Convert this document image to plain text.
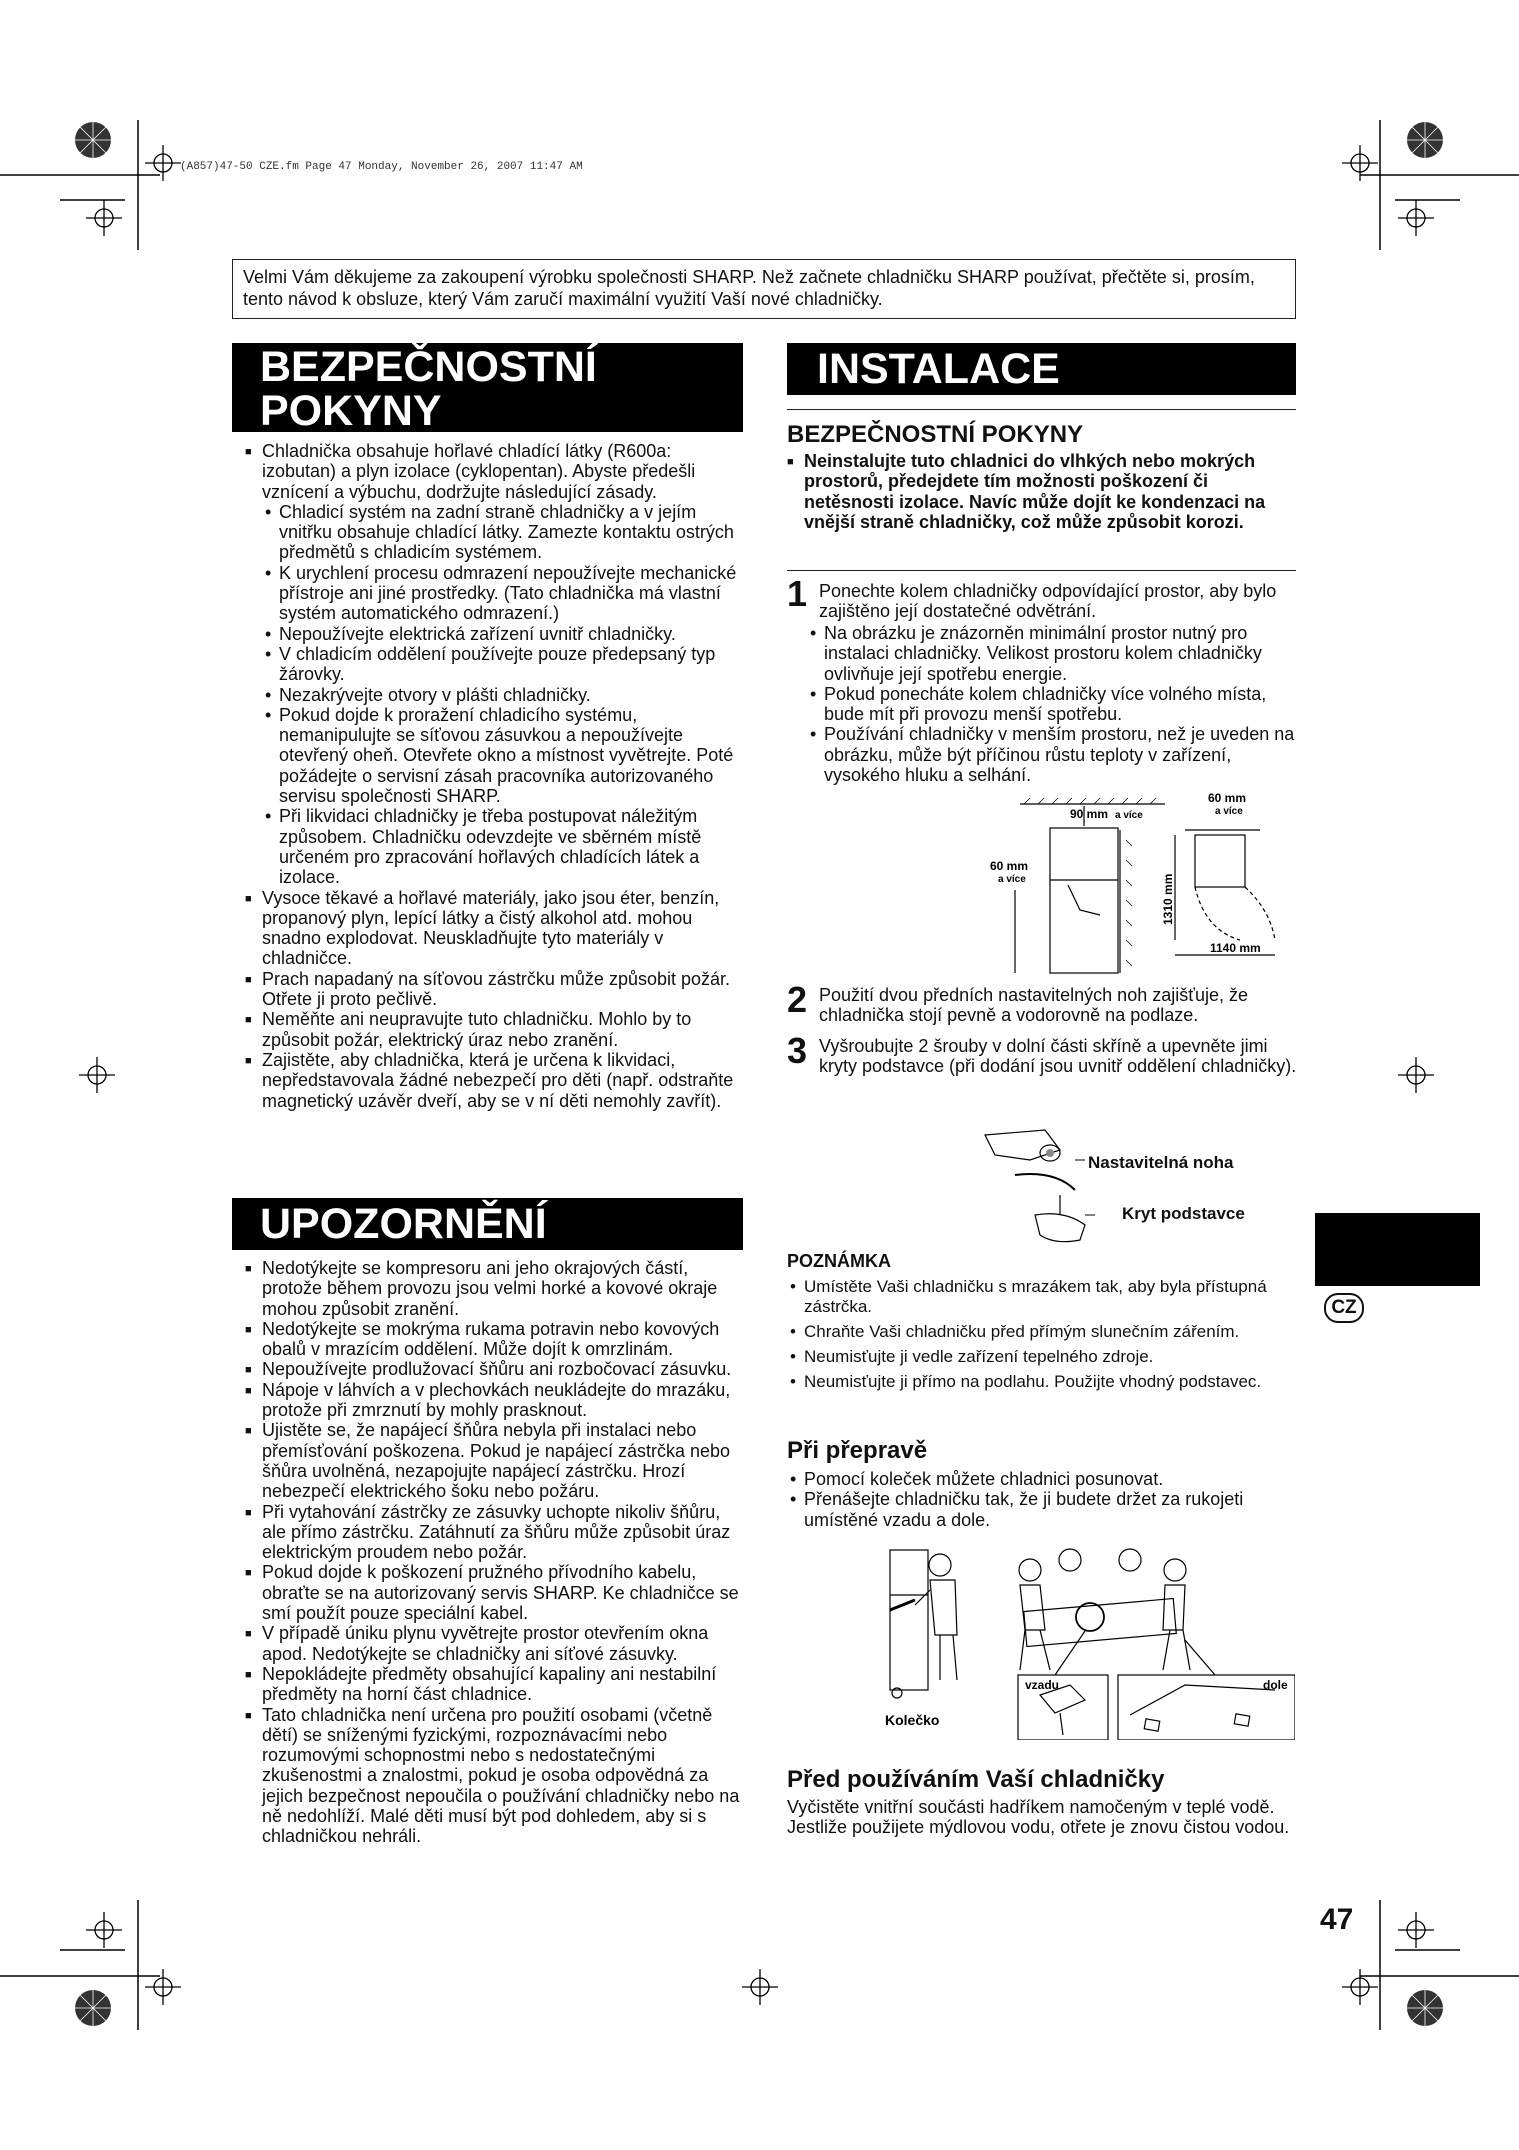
(A857)47-50 CZE.fm Page 47 Monday, November 26, 2007 11:47 AM
Velmi Vám děkujeme za zakoupení výrobku společnosti SHARP. Než začnete chladničku SHARP používat, přečtěte si, prosím, tento návod k obsluze, který Vám zaručí maximální využití Vaší nové chladničky.
BEZPEČNOSTNÍ
POKYNY
■ Chladnička obsahuje hořlavé chladící látky (R600a: izobutan) a plyn izolace (cyklopentan). Abyste předešli vznícení a výbuchu, dodržujte následující zásady.
• Chladicí systém na zadní straně chladničky a v jejím vnitřku obsahuje chladící látky. Zamezte kontaktu ostrých předmětů s chladicím systémem.
• K urychlení procesu odmrazení nepoužívejte mechanické přístroje ani jiné prostředky. (Tato chladnička má vlastní systém automatického odmrazení.)
• Nepoužívejte elektrická zařízení uvnitř chladničky.
• V chladicím oddělení používejte pouze předepsaný typ žárovky.
• Nezakrývejte otvory v plášti chladničky.
• Pokud dojde k proražení chladicího systému, nemanipulujte se síťovou zásuvkou a nepoužívejte otevřený oheň. Otevřete okno a místnost vyvětrejte. Poté požádejte o servisní zásah pracovníka autorizovaného servisu společnosti SHARP.
• Při likvidaci chladničky je třeba postupovat náležitým způsobem. Chladničku odevzdejte ve sběrném místě určeném pro zpracování hořlavých chladících látek a izolace.
■ Vysoce těkavé a hořlavé materiály, jako jsou éter, benzín, propanový plyn, lepící látky a čistý alkohol atd. mohou snadno explodovat. Neuskladňujte tyto materiály v chladničce.
■ Prach napadaný na síťovou zástrčku může způsobit požár. Otřete ji proto pečlivě.
■ Neměňte ani neupravujte tuto chladničku. Mohlo by to způsobit požár, elektrický úraz nebo zranění.
■ Zajistěte, aby chladnička, která je určena k likvidaci, nepředstavovala žádné nebezpečí pro děti (např. odstraňte magnetický uzávěr dveří, aby se v ní děti nemohly zavřít).
UPOZORNĚNÍ
■ Nedotýkejte se kompresoru ani jeho okrajových částí, protože během provozu jsou velmi horké a kovové okraje mohou způsobit zranění.
■ Nedotýkejte se mokrýma rukama potravin nebo kovových obalů v mrazícím oddělení. Může dojít k omrzlinám.
■ Nepoužívejte prodlužovací šňůru ani rozbočovací zásuvku.
■ Nápoje v láhvích a v plechovkách neukládejte do mrazáku, protože při zmrznutí by mohly prasknout.
■ Ujistěte se, že napájecí šňůra nebyla při instalaci nebo přemísťování poškozena. Pokud je napájecí zástrčka nebo šňůra uvolněná, nezapojujte napájecí zástrčku. Hrozí nebezpečí elektrického šoku nebo požáru.
■ Při vytahování zástrčky ze zásuvky uchopte nikoliv šňůru, ale přímo zástrčku. Zatáhnutí za šňůru může způsobit úraz elektrickým proudem nebo požár.
■ Pokud dojde k poškození pružného přívodního kabelu, obraťte se na autorizovaný servis SHARP. Ke chladničce se smí použít pouze speciální kabel.
■ V případě úniku plynu vyvětrejte prostor otevřením okna apod. Nedotýkejte se chladničky ani síťové zásuvky.
■ Nepokládejte předměty obsahující kapaliny ani nestabilní předměty na horní část chladnice.
■ Tato chladnička není určena pro použití osobami (včetně dětí) se sníženými fyzickými, rozpoznávacími nebo rozumovými schopnostmi nebo s nedostatečnými zkušenostmi a znalostmi, pokud je osoba odpovědná za jejich bezpečnost nepoučila o používání chladničky nebo na ně nedohlíží. Malé děti musí být pod dohledem, aby si s chladničkou nehráli.
INSTALACE
BEZPEČNOSTNÍ POKYNY
■ Neinstalujte tuto chladnici do vlhkých nebo mokrých prostorů, předejdete tím možnosti poškození či netěsnosti izolace. Navíc může dojít ke kondenzaci na vnější straně chladničky, což může způsobit korozi.
1 Ponechte kolem chladničky odpovídající prostor, aby bylo zajištěno její dostatečné odvětrání.
• Na obrázku je znázorněn minimální prostor nutný pro instalaci chladničky. Velikost prostoru kolem chladničky ovlivňuje její spotřebu energie.
• Pokud ponecháte kolem chladničky více volného místa, bude mít při provozu menší spotřebu.
• Používání chladničky v menším prostoru, než je uveden na obrázku, může být příčinou růstu teploty v zařízení, vysokého hluku a selhání.
90 mm a více
60 mm
a více
60 mm
a více
1310 mm
1140 mm
2 Použití dvou předních nastavitelných noh zajišťuje, že chladnička stojí pevně a vodorovně na podlaze.
3 Vyšroubujte 2 šrouby v dolní části skříně a upevněte jimi kryty podstavce (při dodání jsou uvnitř oddělení chladničky).
Nastavitelná noha
Kryt podstavce
POZNÁMKA
• Umístěte Vaši chladničku s mrazákem tak, aby byla přístupná zástrčka.
• Chraňte Vaši chladničku před přímým slunečním zářením.
• Neumisťujte ji vedle zařízení tepelného zdroje.
• Neumisťujte ji přímo na podlahu. Použijte vhodný podstavec.
Při přepravě
• Pomocí koleček můžete chladnici posunovat.
• Přenášejte chladničku tak, že ji budete držet za rukojeti umístěné vzadu a dole.
Kolečko
vzadu	dole
Před používáním Vaší chladničky
Vyčistěte vnitřní součásti hadříkem namočeným v teplé vodě. Jestliže použijete mýdlovou vodu, otřete je znovu čistou vodou.
CZ
47
